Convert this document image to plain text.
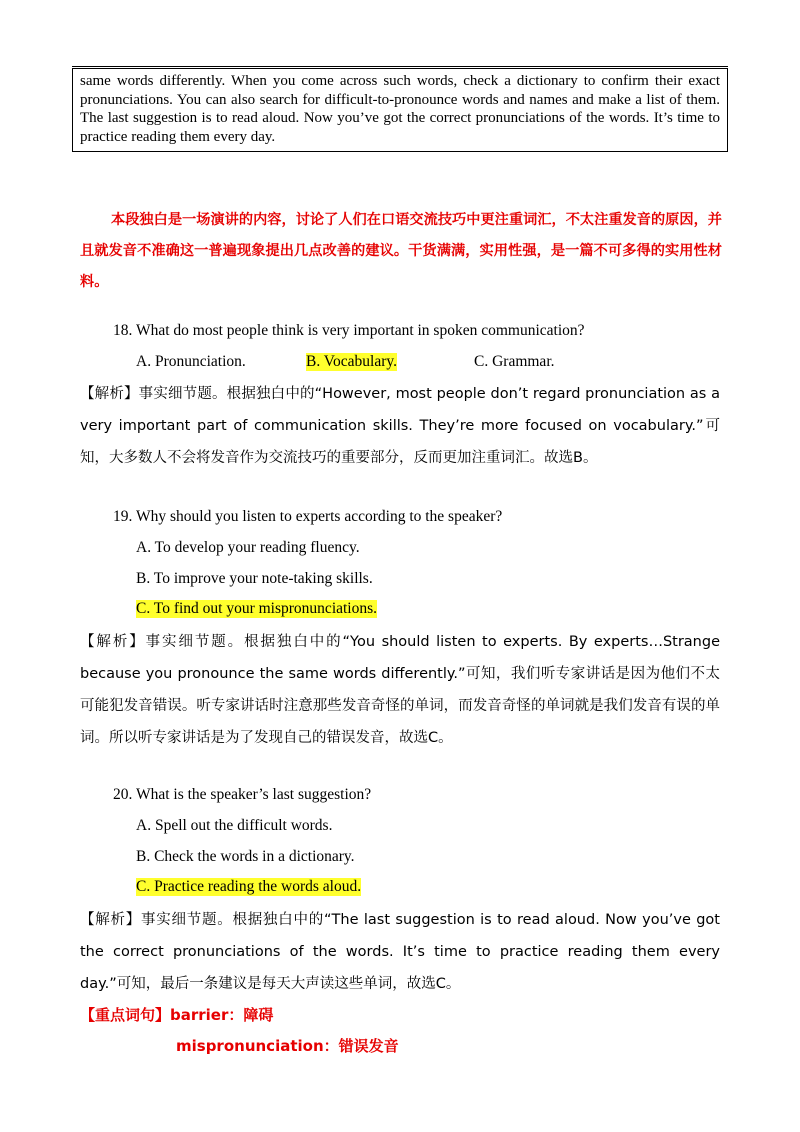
same words differently. When you come across such words, check a dictionary to confirm their exact pronunciations. You can also search for difficult-to-pronounce words and names and make a list of them. The last suggestion is to read aloud. Now you’ve got the correct pronunciations of the words. It’s time to practice reading them every day.
本段独白是一场演讲的内容，讨论了人们在口语交流技巧中更注重词汇，不太注重发音的原因，并且就发音不准确这一普遍现象提出几点改善的建议。干货满满，实用性强，是一篇不可多得的实用性材料。
18. What do most people think is very important in spoken communication?
A. Pronunciation.	B. Vocabulary.	C. Grammar.
【解析】事实细节题。根据独白中的“However, most people don’t regard pronunciation as a very important part of communication skills. They’re more focused on vocabulary.”可知，大多数人不会将发音作为交流技巧的重要部分，反而更加注重词汇。故选B。
19. Why should you listen to experts according to the speaker?
A. To develop your reading fluency.
B. To improve your note-taking skills.
C. To find out your mispronunciations.
【解析】事实细节题。根据独白中的“You should listen to experts. By experts…Strange because you pronounce the same words differently.”可知，我们听专家讲话是因为他们不太可能犯发音错误。听专家讲话时注意那些发音奇怪的单词，而发音奇怪的单词就是我们发音有误的单词。所以听专家讲话是为了发现自己的错误发音，故选C。
20. What is the speaker’s last suggestion?
A. Spell out the difficult words.
B. Check the words in a dictionary.
C. Practice reading the words aloud.
【解析】事实细节题。根据独白中的“The last suggestion is to read aloud. Now you’ve got the correct pronunciations of the words. It’s time to practice reading them every day.”可知，最后一条建议是每天大声读这些单词，故选C。
【重点词句】barrier：障碍
mispronunciation：错误发音
